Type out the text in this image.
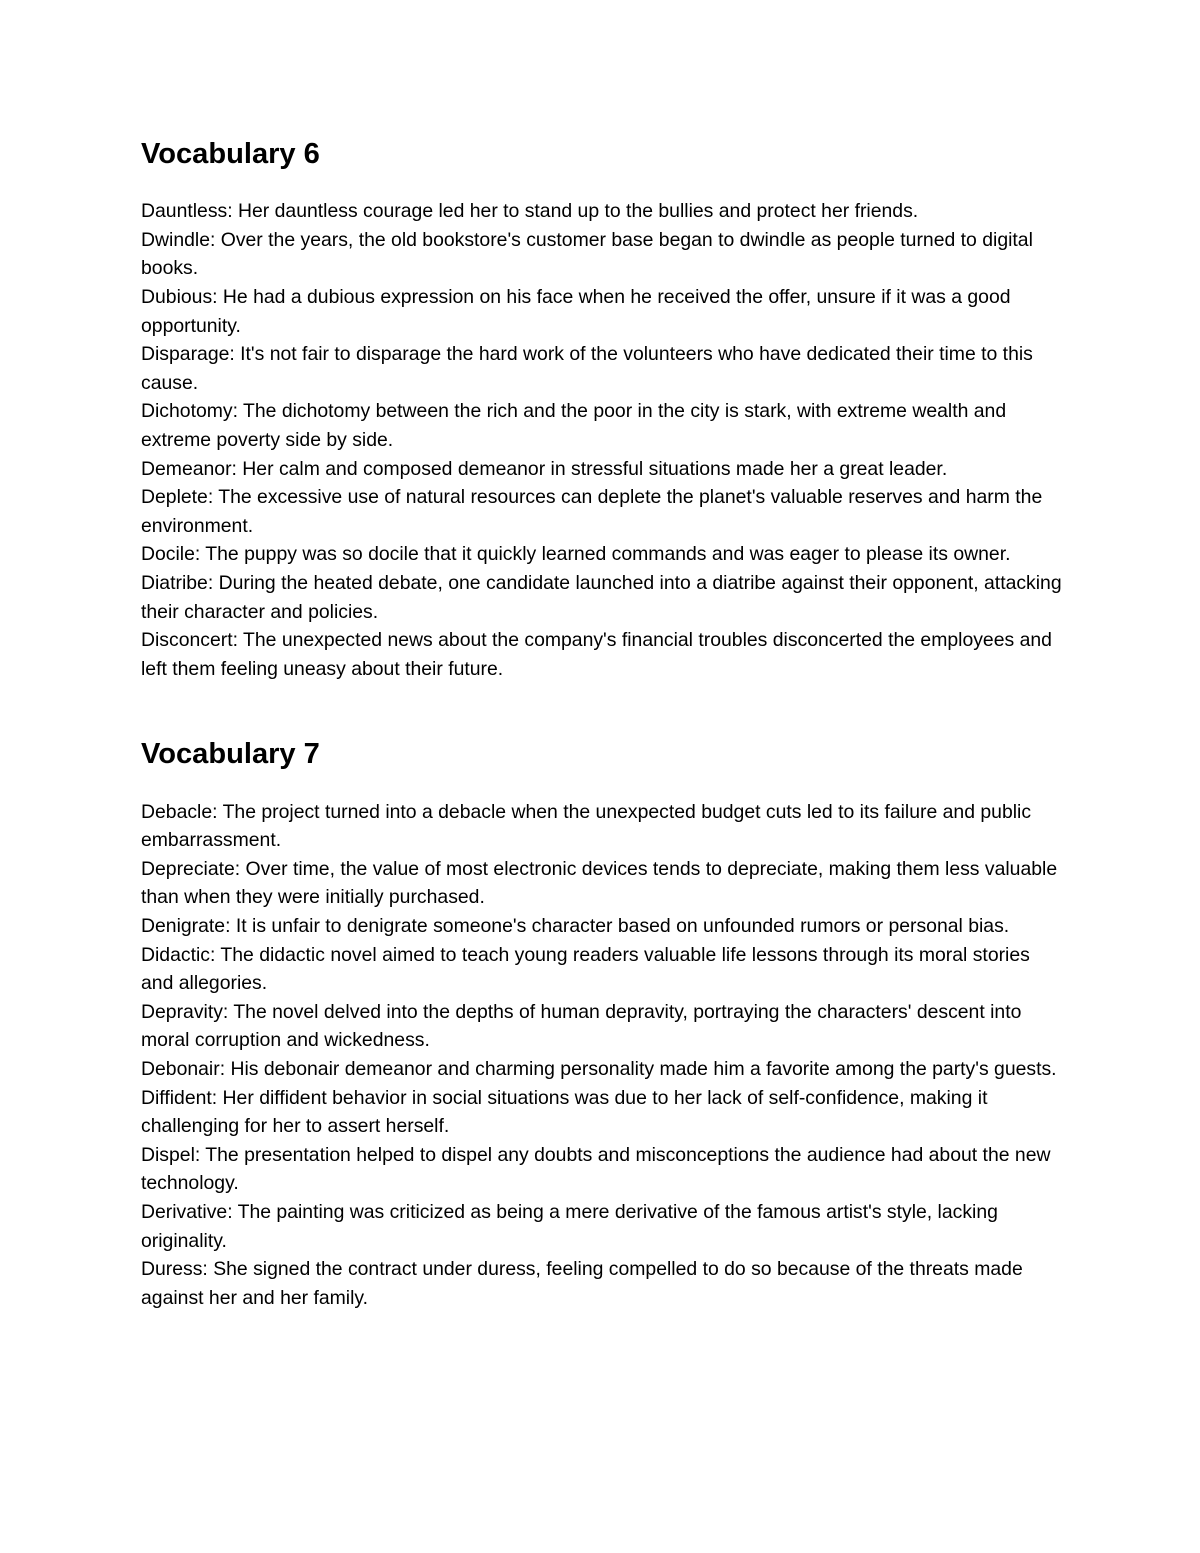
Vocabulary 6
Dauntless: Her dauntless courage led her to stand up to the bullies and protect her friends.
Dwindle: Over the years, the old bookstore's customer base began to dwindle as people turned to digital books.
Dubious: He had a dubious expression on his face when he received the offer, unsure if it was a good opportunity.
Disparage: It's not fair to disparage the hard work of the volunteers who have dedicated their time to this cause.
Dichotomy: The dichotomy between the rich and the poor in the city is stark, with extreme wealth and extreme poverty side by side.
Demeanor: Her calm and composed demeanor in stressful situations made her a great leader.
Deplete: The excessive use of natural resources can deplete the planet's valuable reserves and harm the environment.
Docile: The puppy was so docile that it quickly learned commands and was eager to please its owner.
Diatribe: During the heated debate, one candidate launched into a diatribe against their opponent, attacking their character and policies.
Disconcert: The unexpected news about the company's financial troubles disconcerted the employees and left them feeling uneasy about their future.
Vocabulary 7
Debacle: The project turned into a debacle when the unexpected budget cuts led to its failure and public embarrassment.
Depreciate: Over time, the value of most electronic devices tends to depreciate, making them less valuable than when they were initially purchased.
Denigrate: It is unfair to denigrate someone's character based on unfounded rumors or personal bias.
Didactic: The didactic novel aimed to teach young readers valuable life lessons through its moral stories and allegories.
Depravity: The novel delved into the depths of human depravity, portraying the characters' descent into moral corruption and wickedness.
Debonair: His debonair demeanor and charming personality made him a favorite among the party's guests.
Diffident: Her diffident behavior in social situations was due to her lack of self-confidence, making it challenging for her to assert herself.
Dispel: The presentation helped to dispel any doubts and misconceptions the audience had about the new technology.
Derivative: The painting was criticized as being a mere derivative of the famous artist's style, lacking originality.
Duress: She signed the contract under duress, feeling compelled to do so because of the threats made against her and her family.
